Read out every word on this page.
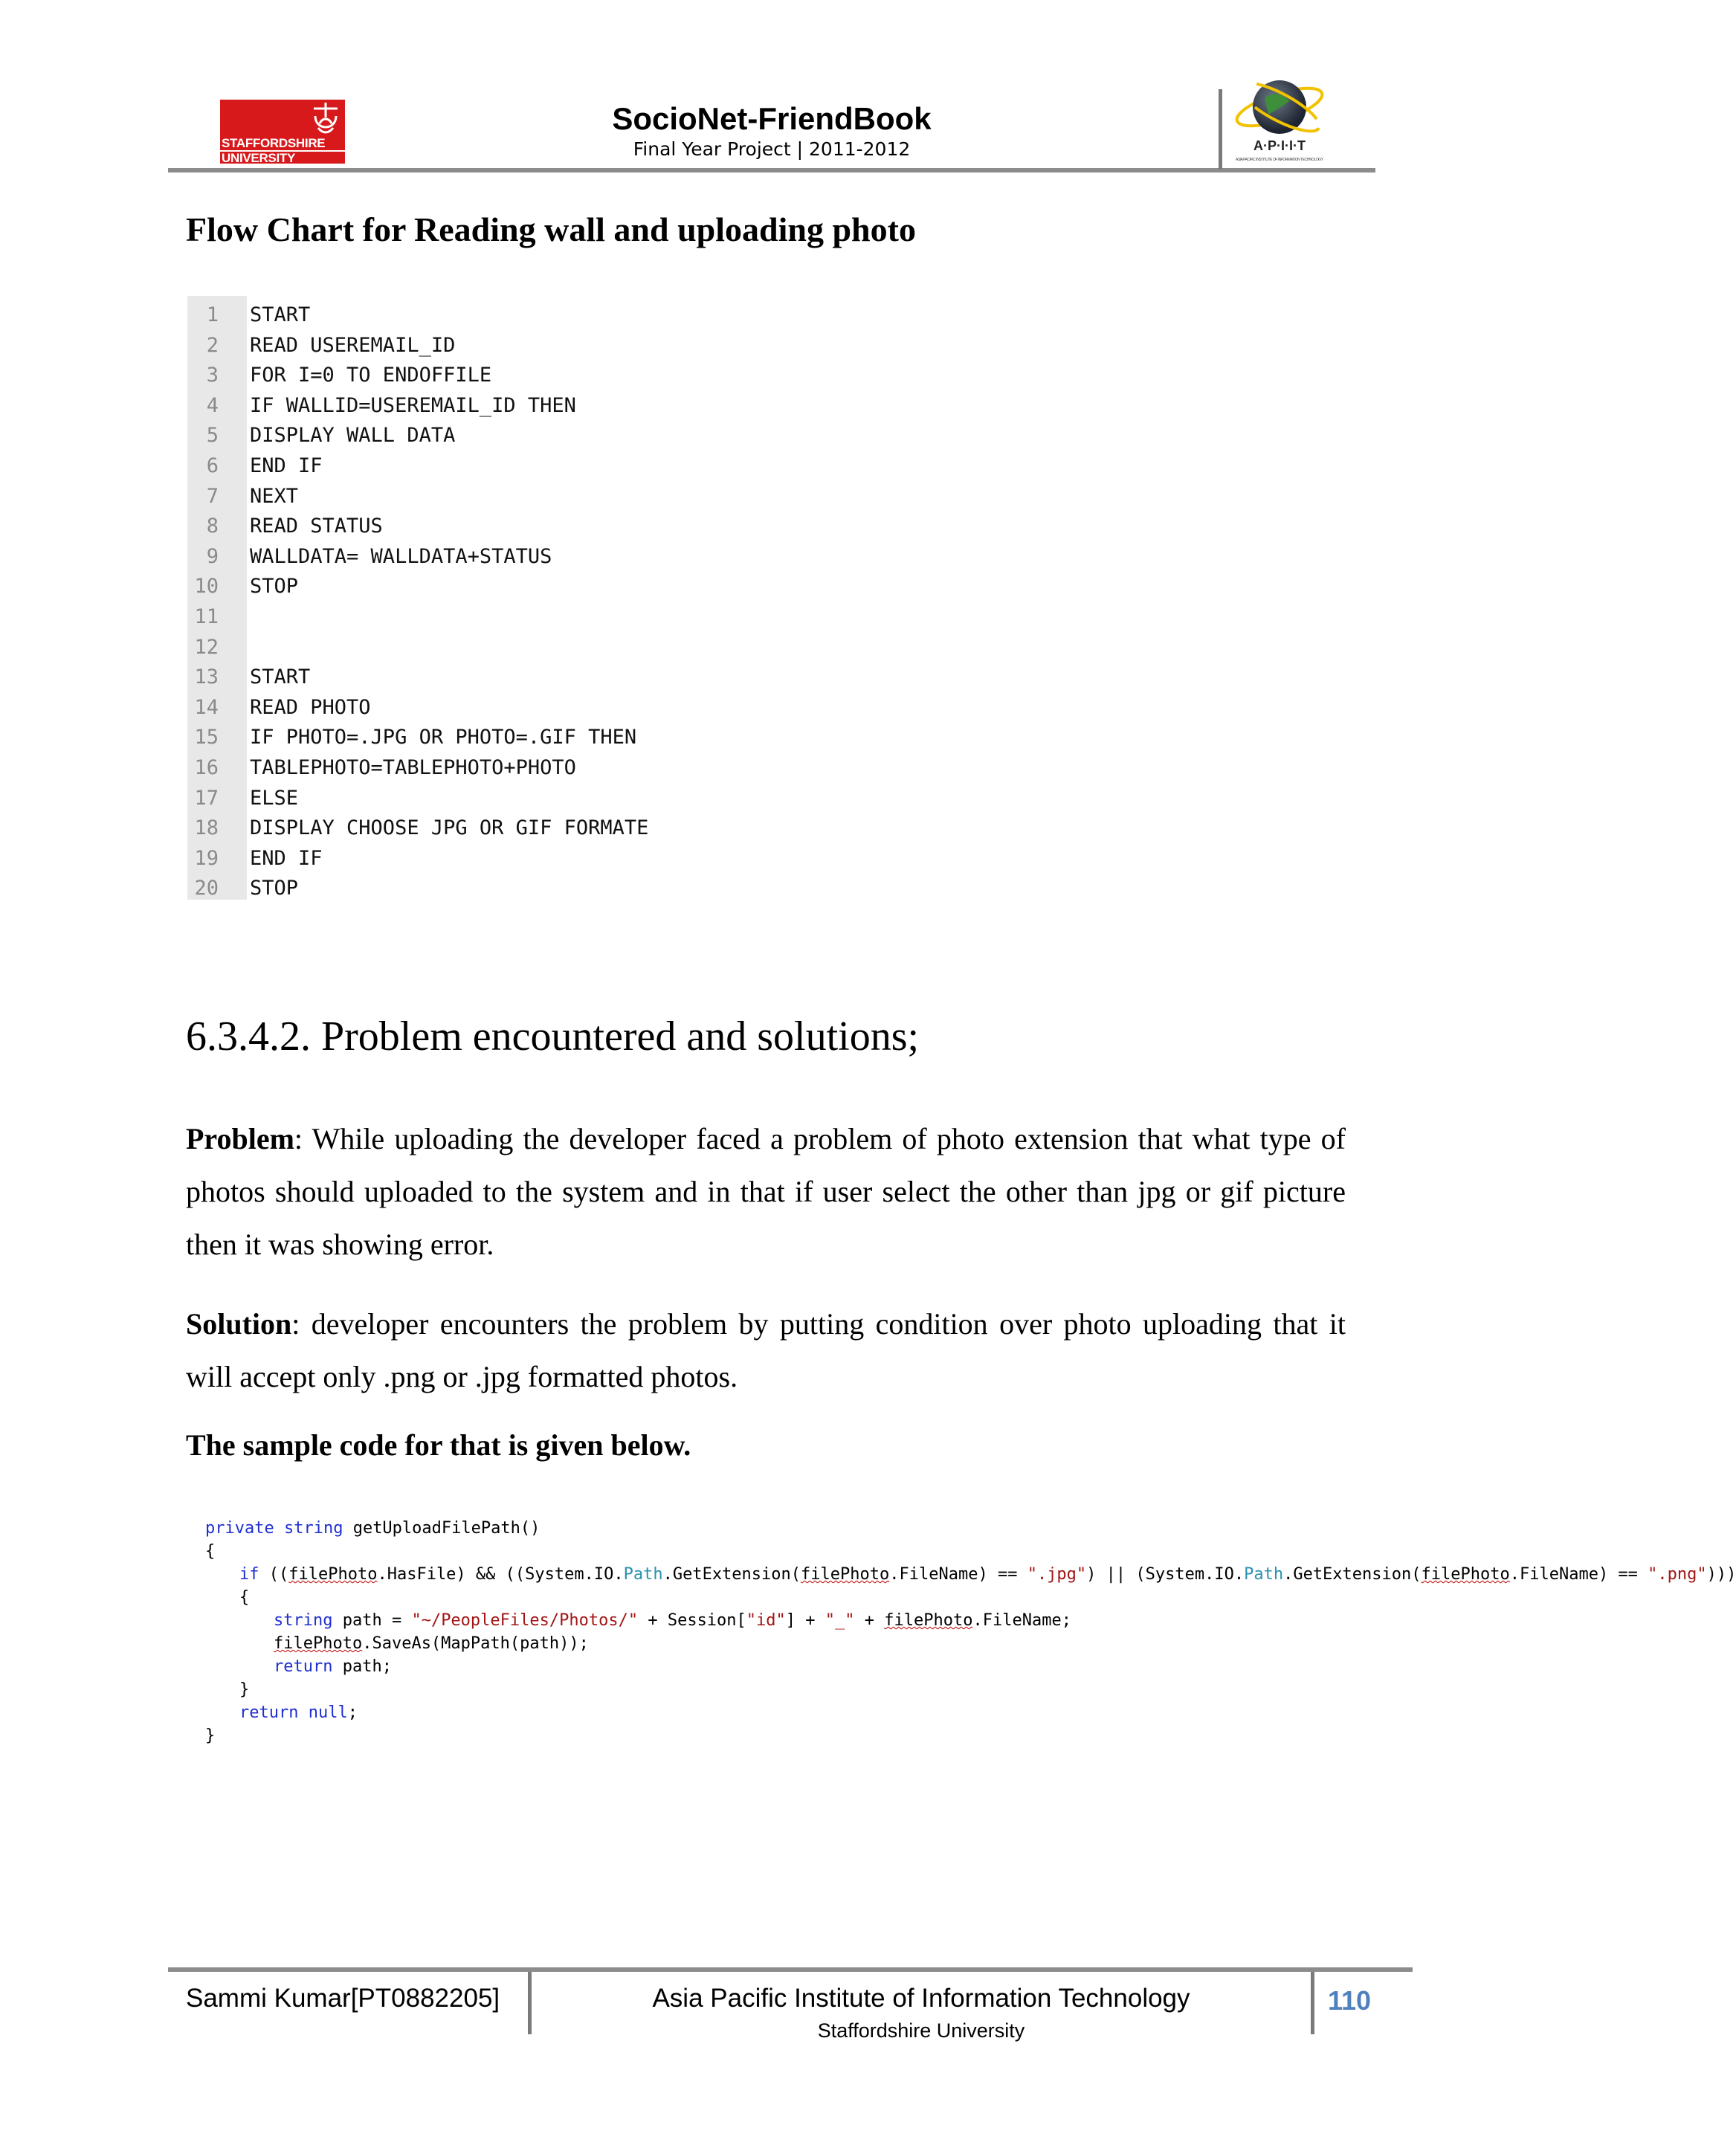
STAFFORDSHIRE
UNIVERSITY
SocioNet-FriendBook
Final Year Project | 2011-2012	A·P·I·I·T
ASIA PACIFIC INSTITUTE OF INFORMATION TECHNOLOGY
Flow Chart for Reading wall and uploading photo
1 START
2 READ USEREMAIL_ID
3 FOR I=0 TO ENDOFFILE
4 IF WALLID=USEREMAIL_ID THEN
5 DISPLAY WALL DATA
6 END IF
7 NEXT
8 READ STATUS
9 WALLDATA= WALLDATA+STATUS
10 STOP
11
12
13 START
14 READ PHOTO
15 IF PHOTO=.JPG OR PHOTO=.GIF THEN
16 TABLEPHOTO=TABLEPHOTO+PHOTO
17 ELSE
18 DISPLAY CHOOSE JPG OR GIF FORMATE
19 END IF
20 STOP
6.3.4.2. Problem encountered and solutions;
Problem: While uploading the developer faced a problem of photo extension that what type of photos should uploaded to the system and in that if user select the other than jpg or gif picture then it was showing error.
Solution: developer encounters the problem by putting condition over photo uploading that it will accept only .png or .jpg formatted photos.
The sample code for that is given below.
private string getUploadFilePath()
{
if ((filePhoto.HasFile) && ((System.IO.Path.GetExtension(filePhoto.FileName) == ".jpg") || (System.IO.Path.GetExtension(filePhoto.FileName) == ".png")))
{
string path = "~/PeopleFiles/Photos/" + Session["id"] + "_" + filePhoto.FileName;
filePhoto.SaveAs(MapPath(path));
return path;
}
return null;
}
Sammi Kumar[PT0882205]	Asia Pacific Institute of Information Technology
Staffordshire University
110
